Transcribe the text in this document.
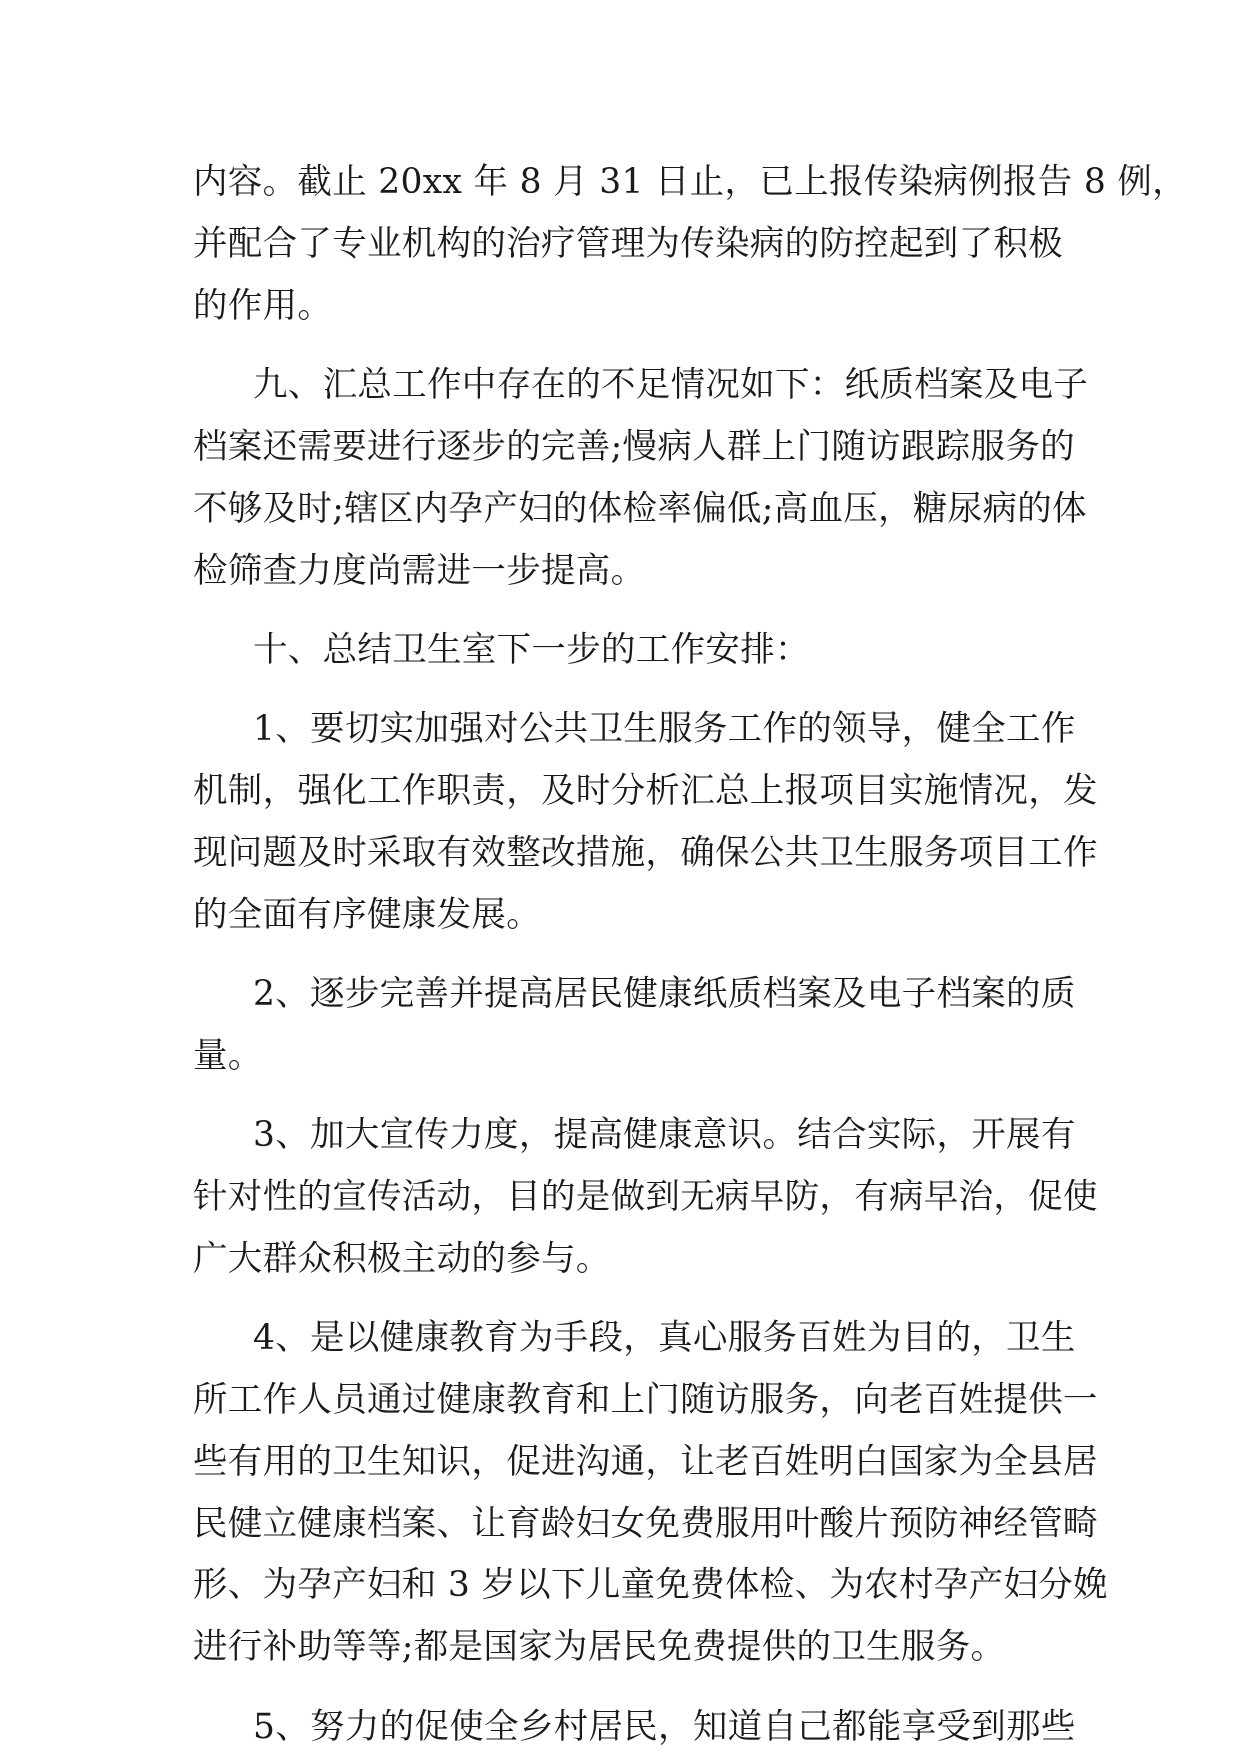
内容。截止 20xx 年 8 月 31 日止，已上报传染病例报告 8 例，
并配合了专业机构的治疗管理为传染病的防控起到了积极
的作用。
九、汇总工作中存在的不足情况如下：纸质档案及电子
档案还需要进行逐步的完善;慢病人群上门随访跟踪服务的
不够及时;辖区内孕产妇的体检率偏低;高血压，糖尿病的体
检筛查力度尚需进一步提高。
十、总结卫生室下一步的工作安排：
1、要切实加强对公共卫生服务工作的领导，健全工作
机制，强化工作职责，及时分析汇总上报项目实施情况，发
现问题及时采取有效整改措施，确保公共卫生服务项目工作
的全面有序健康发展。
2、逐步完善并提高居民健康纸质档案及电子档案的质
量。
3、加大宣传力度，提高健康意识。结合实际，开展有
针对性的宣传活动，目的是做到无病早防，有病早治，促使
广大群众积极主动的参与。
4、是以健康教育为手段，真心服务百姓为目的，卫生
所工作人员通过健康教育和上门随访服务，向老百姓提供一
些有用的卫生知识，促进沟通，让老百姓明白国家为全县居
民健立健康档案、让育龄妇女免费服用叶酸片预防神经管畸
形、为孕产妇和 3 岁以下儿童免费体检、为农村孕产妇分娩
进行补助等等;都是国家为居民免费提供的卫生服务。
5、努力的促使全乡村居民，知道自己都能享受到那些
